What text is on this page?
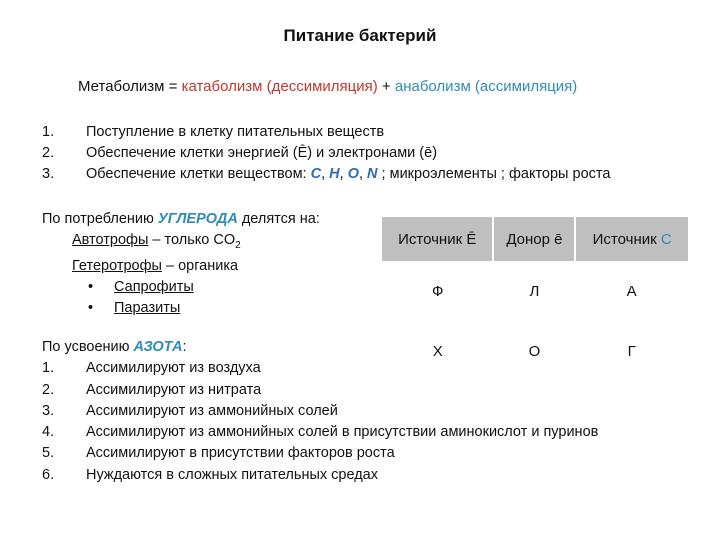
Питание бактерий
Метаболизм = катаболизм (дессимиляция) + анаболизм (ассимиляция)
1.	Поступление в клетку питательных веществ
2.	Обеспечение клетки энергией (Ē) и электронами (ē)
3.	Обеспечение клетки веществом: C, H, O, N ; микроэлементы ; факторы роста
По потреблению УГЛЕРОДА делятся на:
Автотрофы – только $CO_2$
Гетеротрофы – органика
• Сапрофиты
• Паразиты
Источник Ē	Донор ē	Источник C
Ф	Л	А
Х	О	Г
По усвоению АЗОТА:
1.	Ассимилируют из воздуха
2.	Ассимилируют из нитрата
3.	Ассимилируют из аммонийных солей
4.	Ассимилируют из аммонийных солей в присутствии аминокислот и пуринов
5.	Ассимилируют в присутствии факторов роста
6.	Нуждаются в сложных питательных средах
